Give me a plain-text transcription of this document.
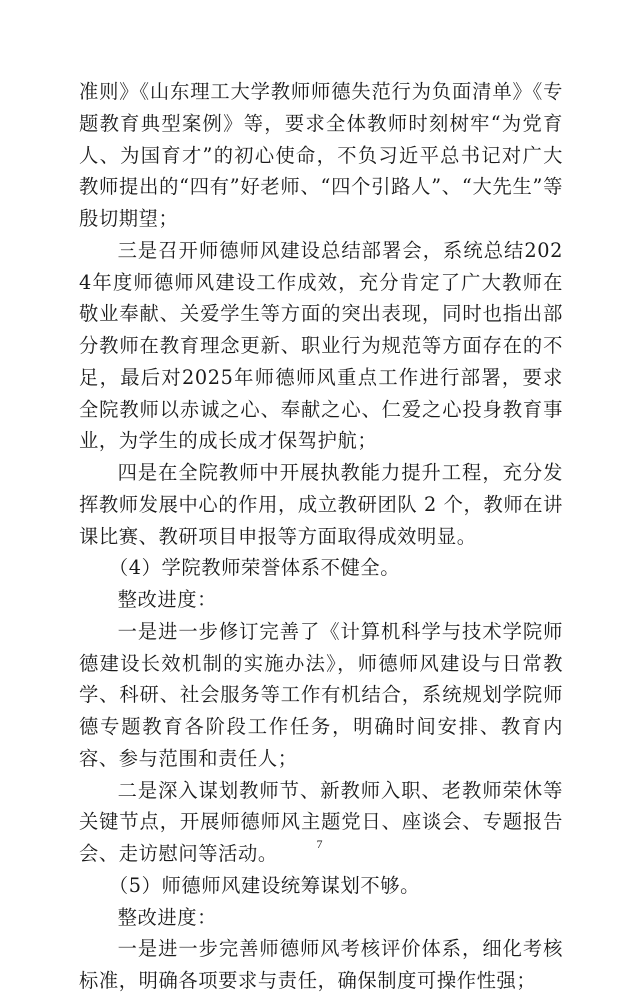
准则》《山东理工大学教师师德失范行为负面清单》《专题教育典型案例》等，要求全体教师时刻树牢“为党育人、为国育才”的初心使命，不负习近平总书记对广大教师提出的“四有”好老师、“四个引路人”、“大先生”等殷切期望；

三是召开师德师风建设总结部署会，系统总结2024年度师德师风建设工作成效，充分肯定了广大教师在敬业奉献、关爱学生等方面的突出表现，同时也指出部分教师在教育理念更新、职业行为规范等方面存在的不足，最后对2025年师德师风重点工作进行部署，要求全院教师以赤诚之心、奉献之心、仁爱之心投身教育事业，为学生的成长成才保驾护航；

四是在全院教师中开展执教能力提升工程，充分发挥教师发展中心的作用，成立教研团队 2 个，教师在讲课比赛、教研项目申报等方面取得成效明显。

（4）学院教师荣誉体系不健全。

整改进度：

一是进一步修订完善了《计算机科学与技术学院师德建设长效机制的实施办法》，师德师风建设与日常教学、科研、社会服务等工作有机结合，系统规划学院师德专题教育各阶段工作任务，明确时间安排、教育内容、参与范围和责任人；

二是深入谋划教师节、新教师入职、老教师荣休等关键节点，开展师德师风主题党日、座谈会、专题报告会、走访慰问等活动。

（5）师德师风建设统筹谋划不够。

整改进度：

一是进一步完善师德师风考核评价体系，细化考核标准，明确各项要求与责任，确保制度可操作性强；

7
